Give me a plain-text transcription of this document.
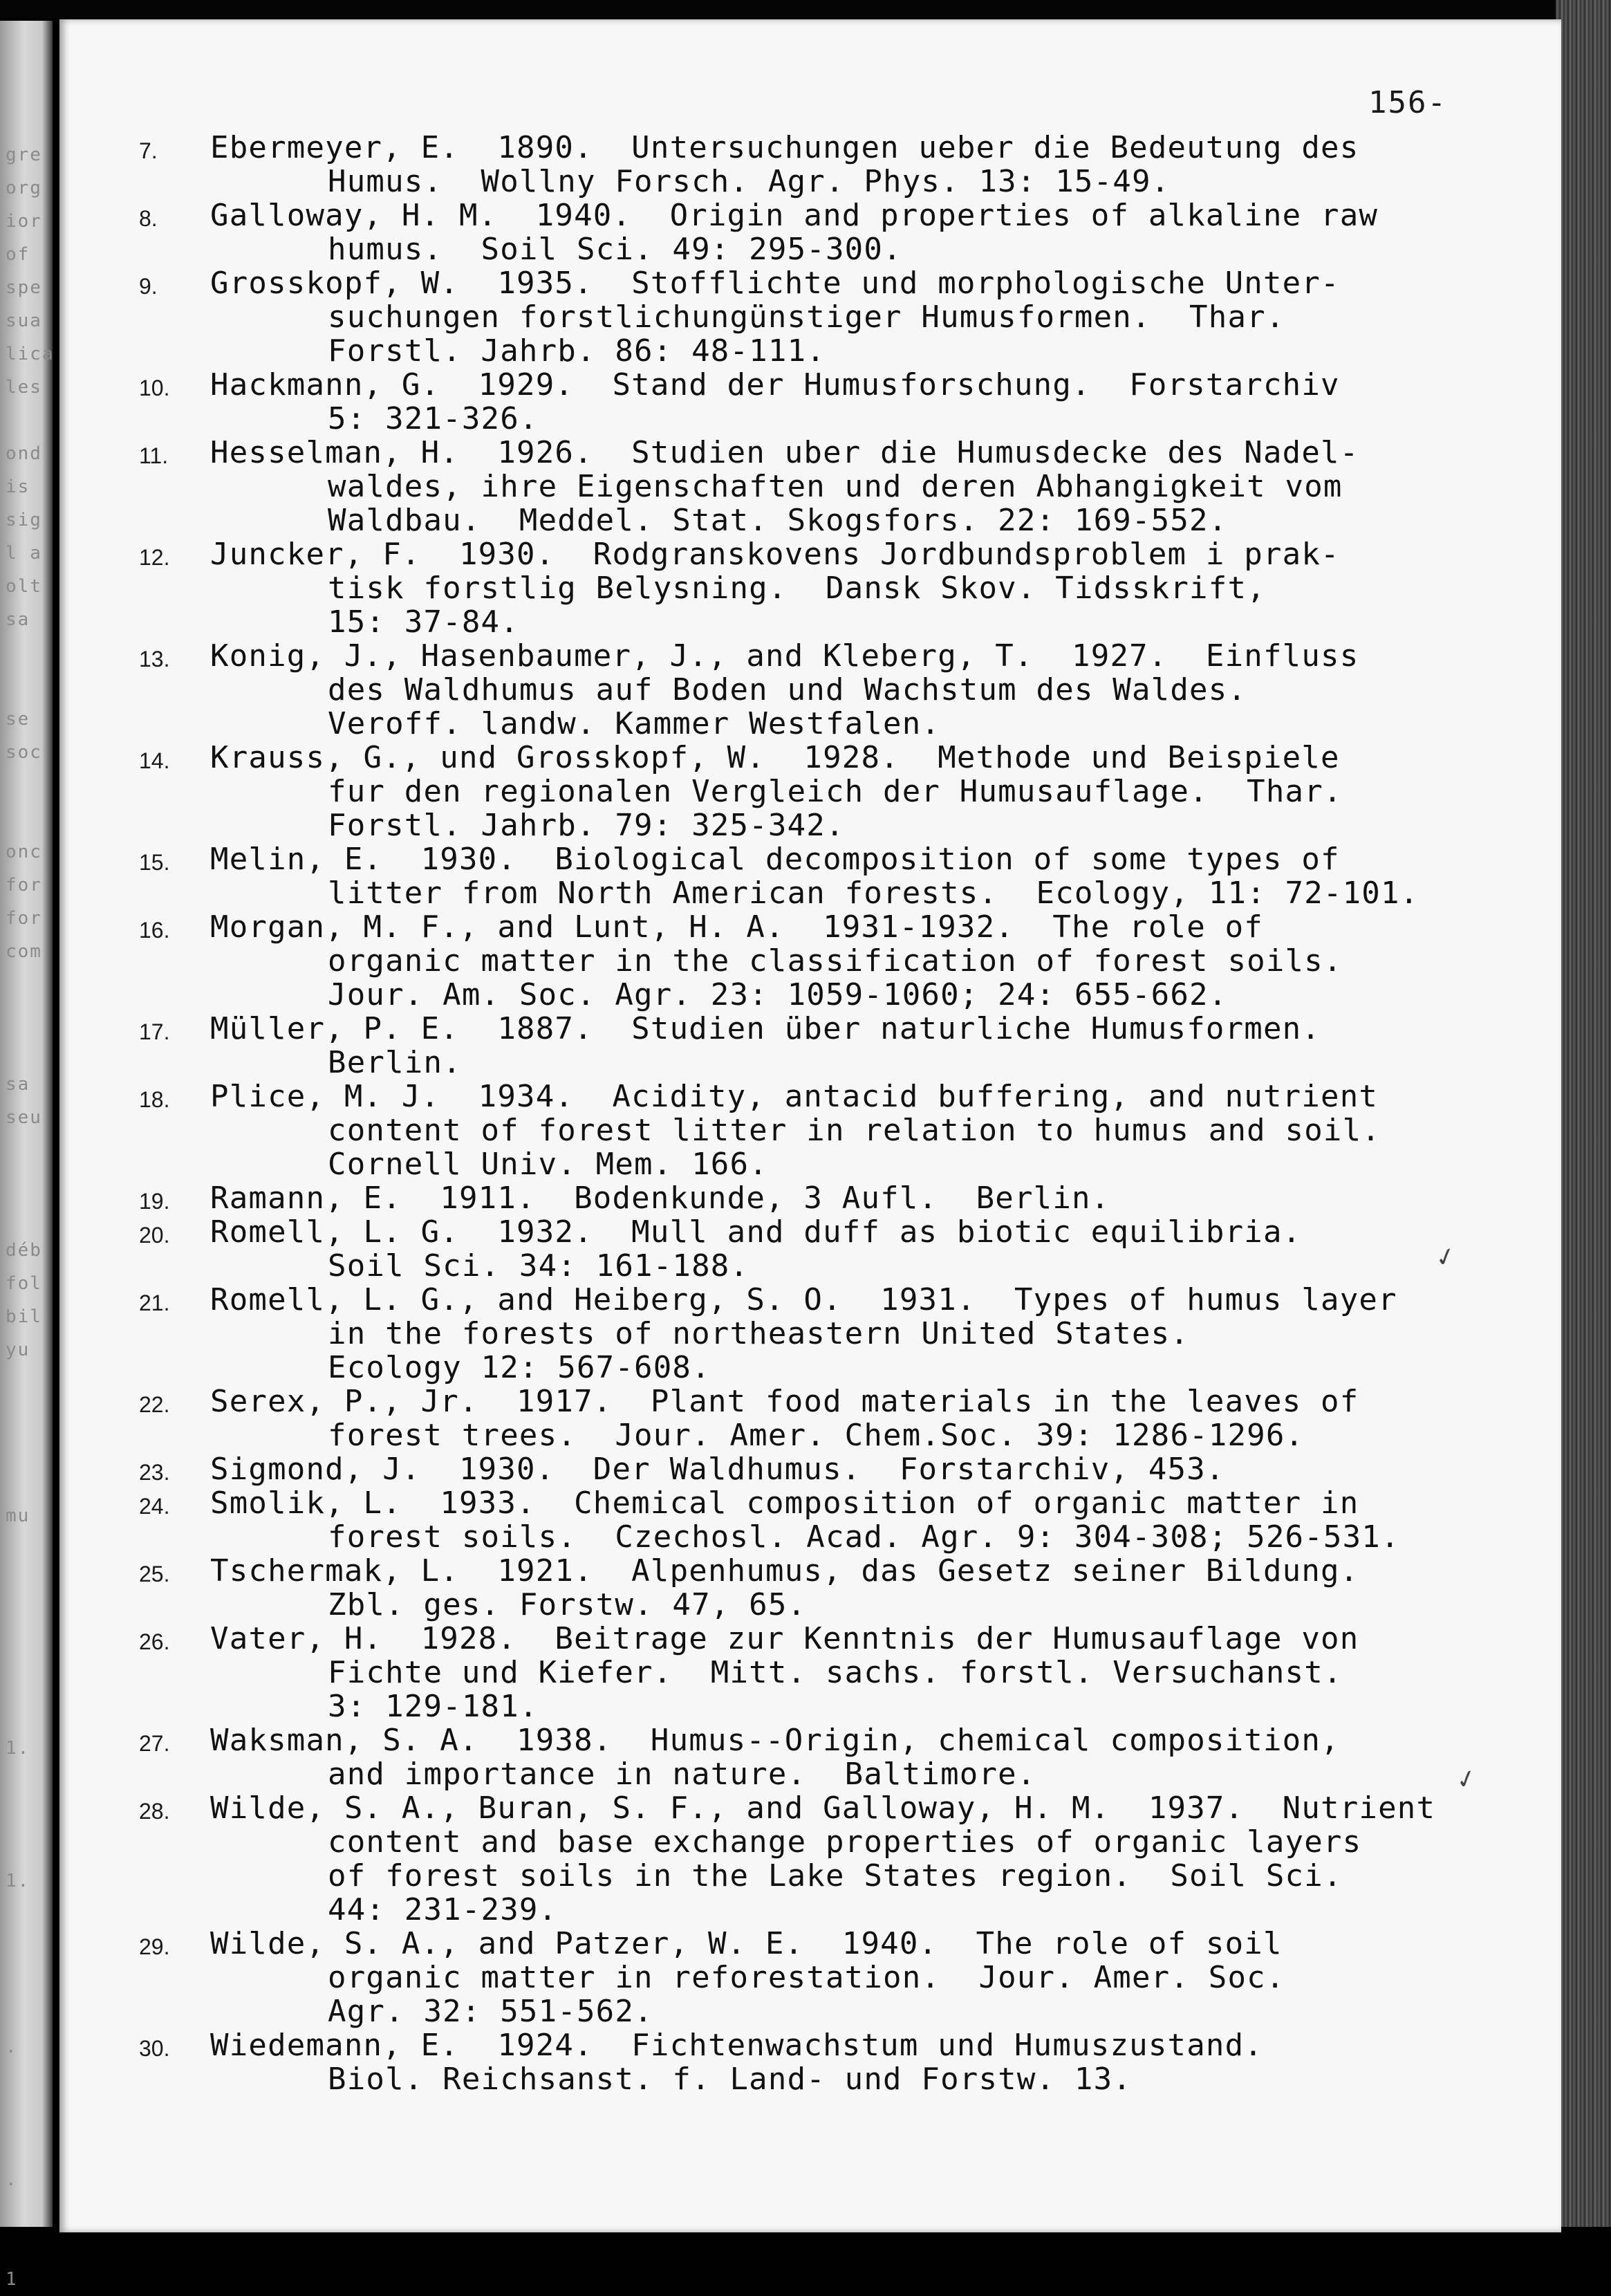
gre
org
ior
of
spe
sua
lica
les

ond
is
sig
l a
olt
sa

se
soc

onc
for
for
com

sa
seu

déb
fol
bil
yu

mu

1.

1.

.

.

1
156-
7. Ebermeyer, E.  1890.  Untersuchungen ueber die Bedeutung des
Humus.  Wollny Forsch. Agr. Phys. 13: 15-49.
8. Galloway, H. M.  1940.  Origin and properties of alkaline raw
humus.  Soil Sci. 49: 295-300.
9. Grosskopf, W.  1935.  Stofflichte und morphologische Unter-
suchungen forstlichungünstiger Humusformen.  Thar.
Forstl. Jahrb. 86: 48-111.
10. Hackmann, G.  1929.  Stand der Humusforschung.  Forstarchiv
5: 321-326.
11. Hesselman, H.  1926.  Studien uber die Humusdecke des Nadel-
waldes, ihre Eigenschaften und deren Abhangigkeit vom
Waldbau.  Meddel. Stat. Skogsfors. 22: 169-552.
12. Juncker, F.  1930.  Rodgranskovens Jordbundsproblem i prak-
tisk forstlig Belysning.  Dansk Skov. Tidsskrift,
15: 37-84.
13. Konig, J., Hasenbaumer, J., and Kleberg, T.  1927.  Einfluss
des Waldhumus auf Boden und Wachstum des Waldes.
Veroff. landw. Kammer Westfalen.
14. Krauss, G., und Grosskopf, W.  1928.  Methode und Beispiele
fur den regionalen Vergleich der Humusauflage.  Thar.
Forstl. Jahrb. 79: 325-342.
15. Melin, E.  1930.  Biological decomposition of some types of
litter from North American forests.  Ecology, 11: 72-101.
16. Morgan, M. F., and Lunt, H. A.  1931-1932.  The role of
organic matter in the classification of forest soils.
Jour. Am. Soc. Agr. 23: 1059-1060; 24: 655-662.
17. Müller, P. E.  1887.  Studien über naturliche Humusformen.
Berlin.
18. Plice, M. J.  1934.  Acidity, antacid buffering, and nutrient
content of forest litter in relation to humus and soil.
Cornell Univ. Mem. 166.
19. Ramann, E.  1911.  Bodenkunde, 3 Aufl.  Berlin.
20. Romell, L. G.  1932.  Mull and duff as biotic equilibria.
Soil Sci. 34: 161-188.
21. Romell, L. G., and Heiberg, S. O.  1931.  Types of humus layer
in the forests of northeastern United States.
Ecology 12: 567-608.
22. Serex, P., Jr.  1917.  Plant food materials in the leaves of
forest trees.  Jour. Amer. Chem.Soc. 39: 1286-1296.
23. Sigmond, J.  1930.  Der Waldhumus.  Forstarchiv, 453.
24. Smolik, L.  1933.  Chemical composition of organic matter in
forest soils.  Czechosl. Acad. Agr. 9: 304-308; 526-531.
25. Tschermak, L.  1921.  Alpenhumus, das Gesetz seiner Bildung.
Zbl. ges. Forstw. 47, 65.
26. Vater, H.  1928.  Beitrage zur Kenntnis der Humusauflage von
Fichte und Kiefer.  Mitt. sachs. forstl. Versuchanst.
3: 129-181.
27. Waksman, S. A.  1938.  Humus--Origin, chemical composition,
and importance in nature.  Baltimore.
28. Wilde, S. A., Buran, S. F., and Galloway, H. M.  1937.  Nutrient
content and base exchange properties of organic layers
of forest soils in the Lake States region.  Soil Sci.
44: 231-239.
29. Wilde, S. A., and Patzer, W. E.  1940.  The role of soil
organic matter in reforestation.  Jour. Amer. Soc.
Agr. 32: 551-562.
30. Wiedemann, E.  1924.  Fichtenwachstum und Humuszustand.
Biol. Reichsanst. f. Land- und Forstw. 13.
✓
✓
